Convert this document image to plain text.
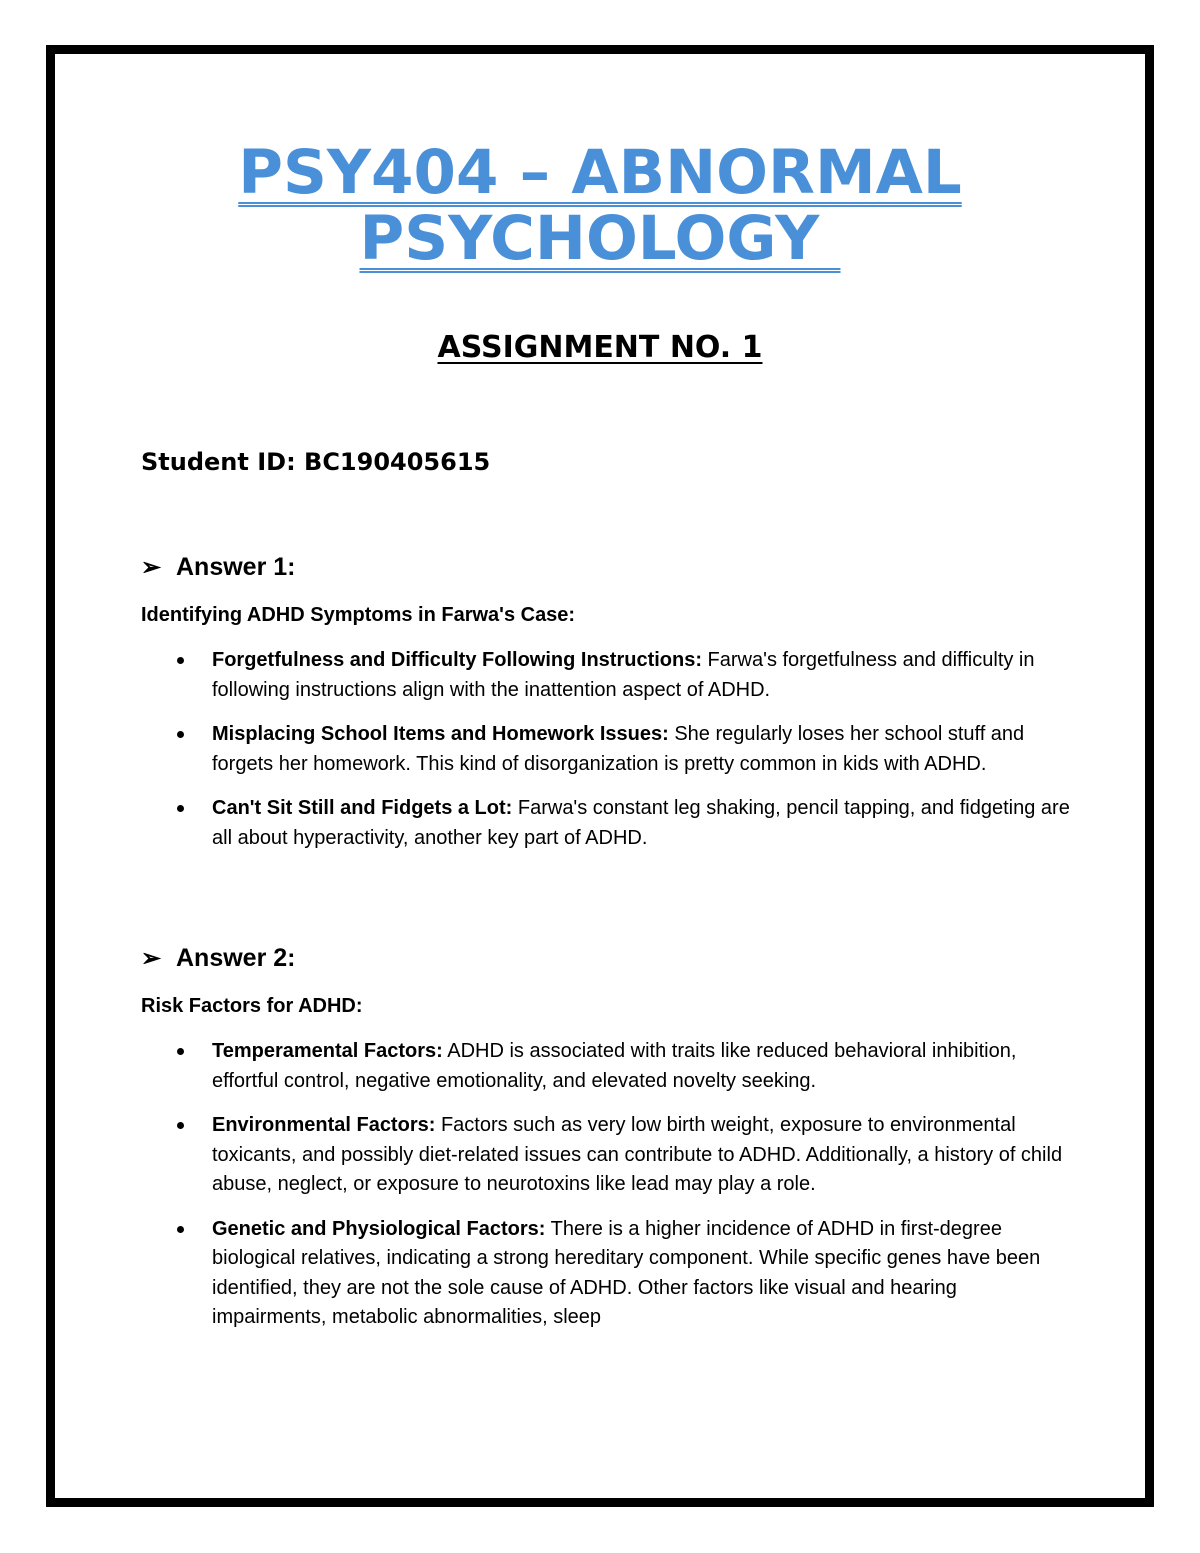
PSY404 – ABNORMAL
PSYCHOLOGY
ASSIGNMENT NO. 1
Student ID: BC190405615
➢ Answer 1:
Identifying ADHD Symptoms in Farwa's Case:
Forgetfulness and Difficulty Following Instructions: Farwa's forgetfulness and difficulty in following instructions align with the inattention aspect of ADHD.
Misplacing School Items and Homework Issues: She regularly loses her school stuff and forgets her homework. This kind of disorganization is pretty common in kids with ADHD.
Can't Sit Still and Fidgets a Lot: Farwa's constant leg shaking, pencil tapping, and fidgeting are all about hyperactivity, another key part of ADHD.
➢ Answer 2:
Risk Factors for ADHD:
Temperamental Factors: ADHD is associated with traits like reduced behavioral inhibition, effortful control, negative emotionality, and elevated novelty seeking.
Environmental Factors: Factors such as very low birth weight, exposure to environmental toxicants, and possibly diet-related issues can contribute to ADHD. Additionally, a history of child abuse, neglect, or exposure to neurotoxins like lead may play a role.
Genetic and Physiological Factors: There is a higher incidence of ADHD in first-degree biological relatives, indicating a strong hereditary component. While specific genes have been identified, they are not the sole cause of ADHD. Other factors like visual and hearing impairments, metabolic abnormalities, sleep
